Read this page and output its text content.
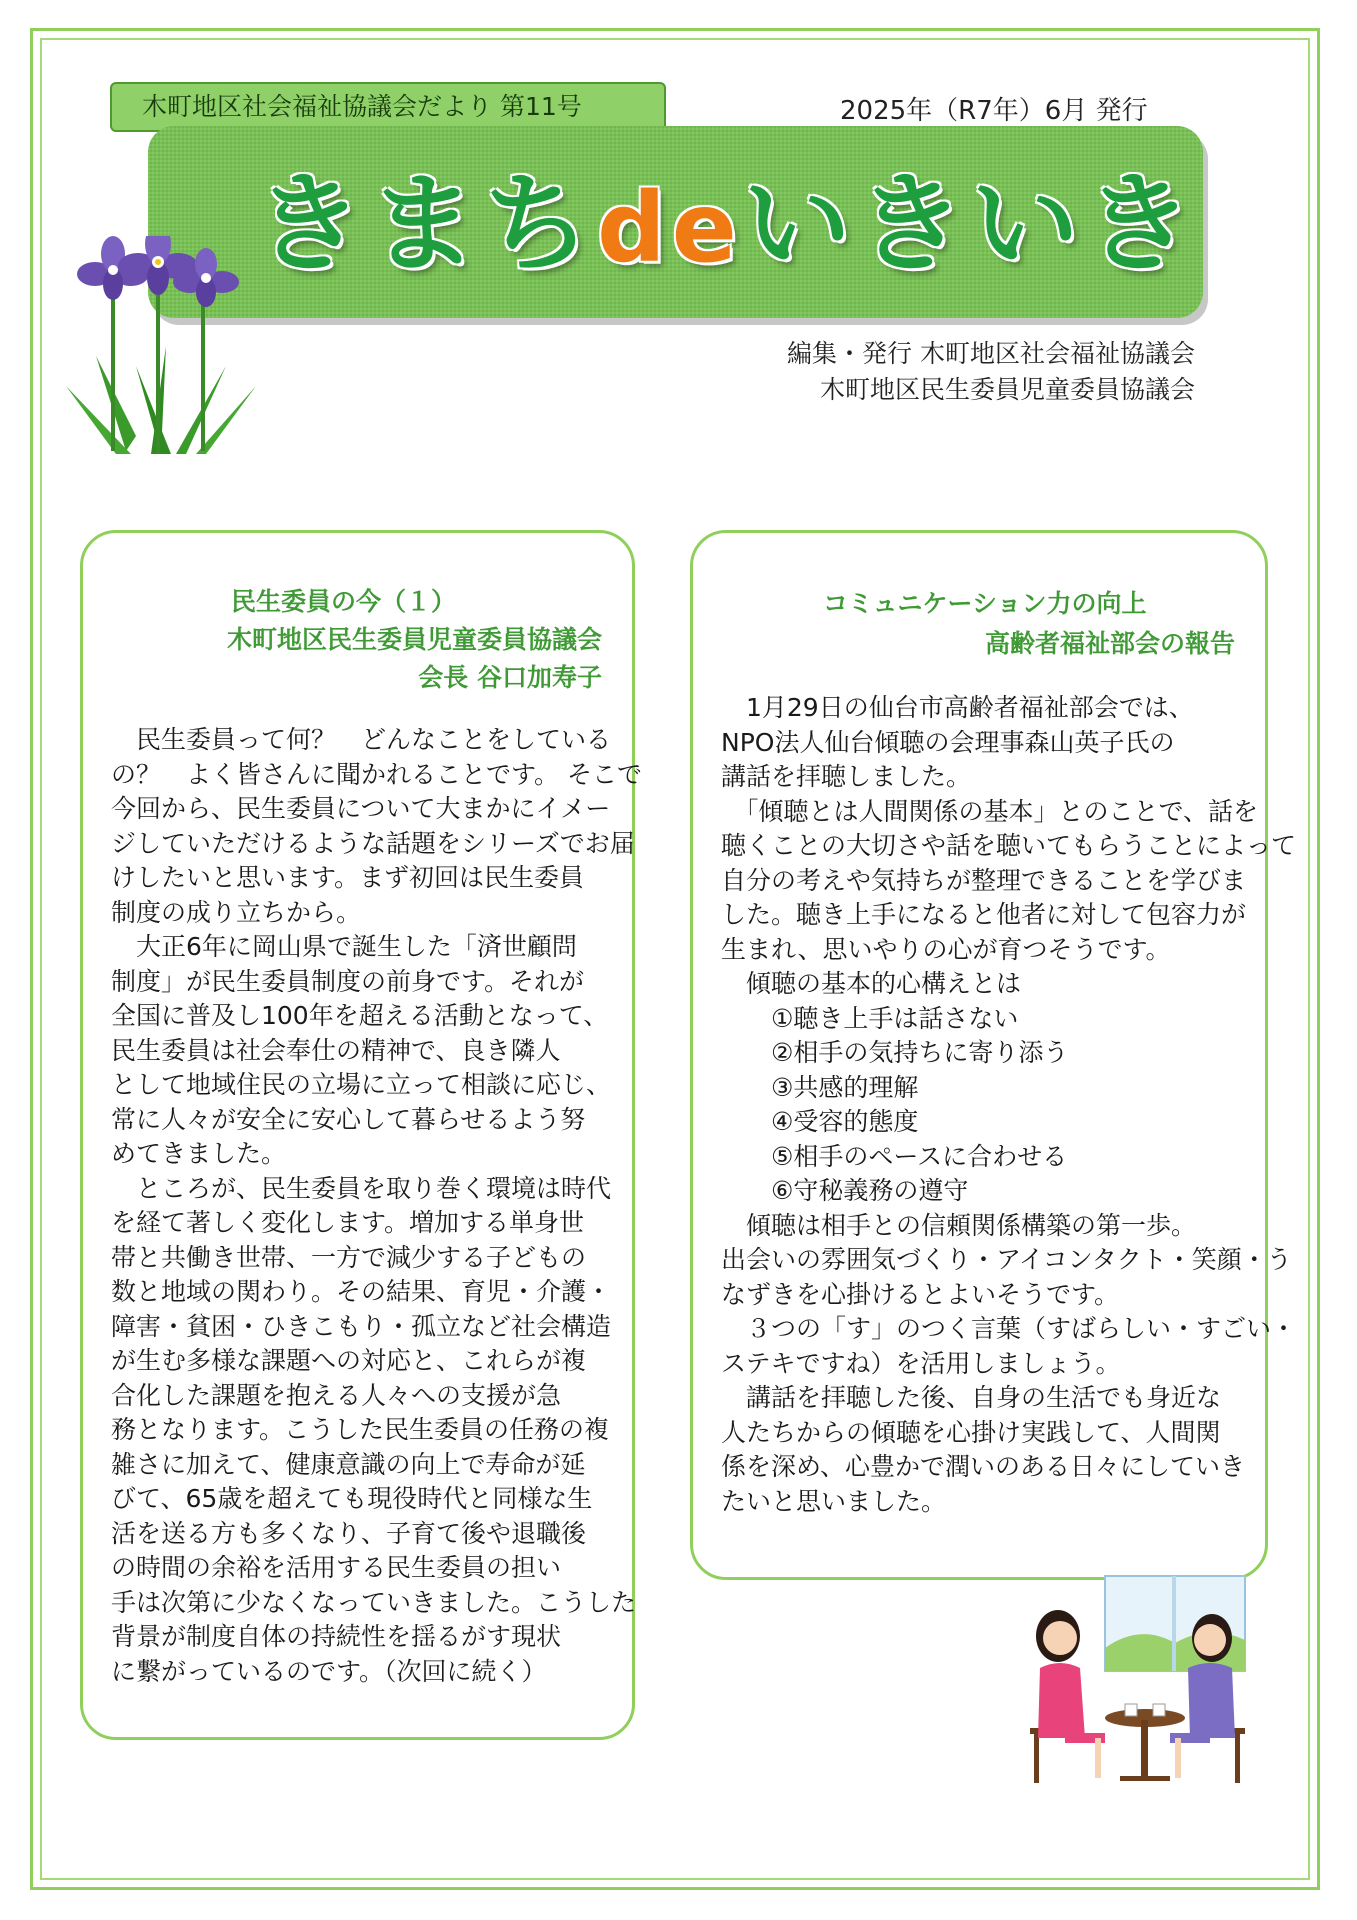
木町地区社会福祉協議会だより 第11号	2025年（R7年）6月 発行
きまちdeいきいき
編集・発行 木町地区社会福祉協議会
木町地区民生委員児童委員協議会
民生委員の今（１）
木町地区民生委員児童委員協議会
会長 谷口加寿子
　民生委員って何？　どんなことをしている
の？　よく皆さんに聞かれることです。 そこで
今回から、民生委員について大まかにイメー
ジしていただけるような話題をシリーズでお届
けしたいと思います。まず初回は民生委員
制度の成り立ちから。
　大正6年に岡山県で誕生した「済世顧問
制度」が民生委員制度の前身です。それが
全国に普及し100年を超える活動となって、
民生委員は社会奉仕の精神で、良き隣人
として地域住民の立場に立って相談に応じ、
常に人々が安全に安心して暮らせるよう努
めてきました。
　ところが、民生委員を取り巻く環境は時代
を経て著しく変化します。増加する単身世
帯と共働き世帯、一方で減少する子どもの
数と地域の関わり。その結果、育児・介護・
障害・貧困・ひきこもり・孤立など社会構造
が生む多様な課題への対応と、これらが複
合化した課題を抱える人々への支援が急
務となります。こうした民生委員の任務の複
雑さに加えて、健康意識の向上で寿命が延
びて、65歳を超えても現役時代と同様な生
活を送る方も多くなり、子育て後や退職後
の時間の余裕を活用する民生委員の担い
手は次第に少なくなっていきました。こうした
背景が制度自体の持続性を揺るがす現状
に繋がっているのです。（次回に続く）
コミュニケーション力の向上
高齢者福祉部会の報告
　1月29日の仙台市高齢者福祉部会では、
NPO法人仙台傾聴の会理事森山英子氏の
講話を拝聴しました。
　「傾聴とは人間関係の基本」とのことで、話を
聴くことの大切さや話を聴いてもらうことによって
自分の考えや気持ちが整理できることを学びま
した。聴き上手になると他者に対して包容力が
生まれ、思いやりの心が育つそうです。
　傾聴の基本的心構えとは
　　①聴き上手は話さない
　　②相手の気持ちに寄り添う
　　③共感的理解
　　④受容的態度
　　⑤相手のペースに合わせる
　　⑥守秘義務の遵守
　傾聴は相手との信頼関係構築の第一歩。
出会いの雰囲気づくり・アイコンタクト・笑顔・う
なずきを心掛けるとよいそうです。
　３つの「す」のつく言葉（すばらしい・すごい・
ステキですね）を活用しましょう。
　講話を拝聴した後、自身の生活でも身近な
人たちからの傾聴を心掛け実践して、人間関
係を深め、心豊かで潤いのある日々にしていき
たいと思いました。
